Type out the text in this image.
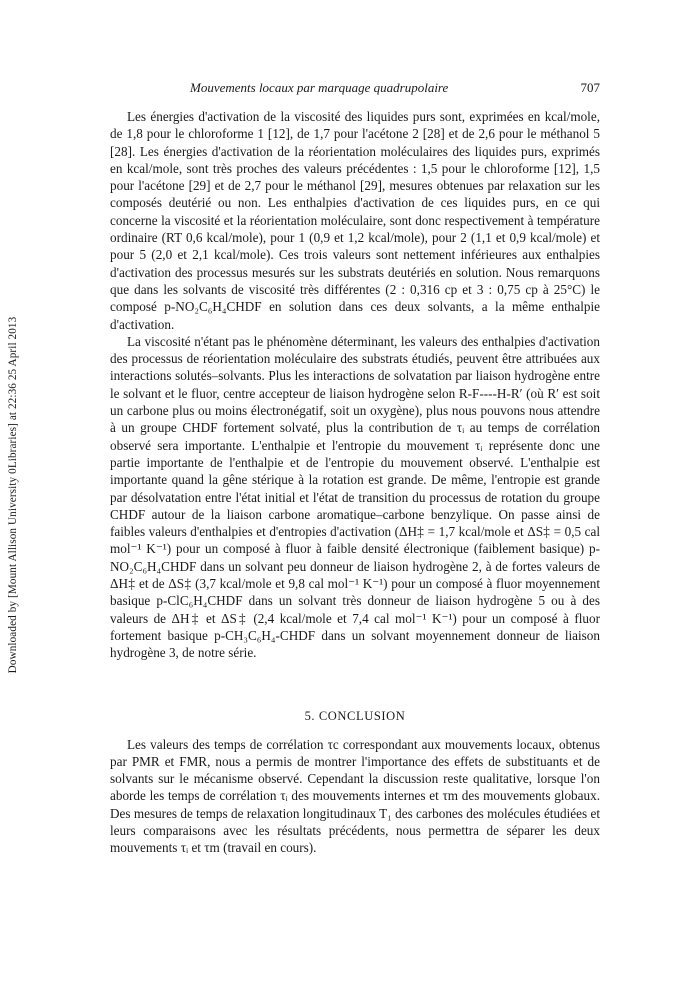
Downloaded by [Mount Allison University 0Libraries] at 22:36 25 April 2013
Mouvements locaux par marquage quadrupolaire	707

Les énergies d'activation de la viscosité des liquides purs sont, exprimées en kcal/mole, de 1,8 pour le chloroforme 1 [12], de 1,7 pour l'acétone 2 [28] et de 2,6 pour le méthanol 5 [28]. Les énergies d'activation de la réorientation moléculaires des liquides purs, exprimés en kcal/mole, sont très proches des valeurs précédentes : 1,5 pour le chloroforme [12], 1,5 pour l'acétone [29] et de 2,7 pour le méthanol [29], mesures obtenues par relaxation sur les composés deutérié ou non. Les enthalpies d'activation de ces liquides purs, en ce qui concerne la viscosité et la réorientation moléculaire, sont donc respectivement à température ordinaire (RT 0,6 kcal/mole), pour 1 (0,9 et 1,2 kcal/mole), pour 2 (1,1 et 0,9 kcal/mole) et pour 5 (2,0 et 2,1 kcal/mole). Ces trois valeurs sont nettement inférieures aux enthalpies d'activation des processus mesurés sur les substrats deutériés en solution. Nous remarquons que dans les solvants de viscosité très différentes (2 : 0,316 cp et 3 : 0,75 cp à 25°C) le composé p-NO₂C₆H₄CHDF en solution dans ces deux solvants, a la même enthalpie d'activation.

La viscosité n'étant pas le phénomène déterminant, les valeurs des enthalpies d'activation des processus de réorientation moléculaire des substrats étudiés, peuvent être attribuées aux interactions solutés–solvants. Plus les interactions de solvatation par liaison hydrogène entre le solvant et le fluor, centre accepteur de liaison hydrogène selon R-F----H-R′ (où R′ est soit un carbone plus ou moins électronégatif, soit un oxygène), plus nous pouvons nous attendre à un groupe CHDF fortement solvaté, plus la contribution de τᵢ au temps de corrélation observé sera importante. L'enthalpie et l'entropie du mouvement τᵢ représente donc une partie importante de l'enthalpie et de l'entropie du mouvement observé. L'enthalpie est importante quand la gêne stérique à la rotation est grande. De même, l'entropie est grande par désolvatation entre l'état initial et l'état de transition du processus de rotation du groupe CHDF autour de la liaison carbone aromatique–carbone benzylique. On passe ainsi de faibles valeurs d'enthalpies et d'entropies d'activation (ΔH‡ = 1,7 kcal/mole et ΔS‡ = 0,5 cal mol⁻¹ K⁻¹) pour un composé à fluor à faible densité électronique (faiblement basique) p-NO₂C₆H₄CHDF dans un solvant peu donneur de liaison hydrogène 2, à de fortes valeurs de ΔH‡ et de ΔS‡ (3,7 kcal/mole et 9,8 cal mol⁻¹ K⁻¹) pour un composé à fluor moyennement basique p-ClC₆H₄CHDF dans un solvant très donneur de liaison hydrogène 5 ou à des valeurs de ΔH‡ et ΔS‡ (2,4 kcal/mole et 7,4 cal mol⁻¹ K⁻¹) pour un composé à fluor fortement basique p-CH₃C₆H₄-CHDF dans un solvant moyennement donneur de liaison hydrogène 3, de notre série.

5. CONCLUSION

Les valeurs des temps de corrélation τc correspondant aux mouvements locaux, obtenus par PMR et FMR, nous a permis de montrer l'importance des effets de substituants et de solvants sur le mécanisme observé. Cependant la discussion reste qualitative, lorsque l'on aborde les temps de corrélation τᵢ des mouvements internes et τm des mouvements globaux. Des mesures de temps de relaxation longitudinaux T₁ des carbones des molécules étudiées et leurs comparaisons avec les résultats précédents, nous permettra de séparer les deux mouvements τᵢ et τm (travail en cours).
